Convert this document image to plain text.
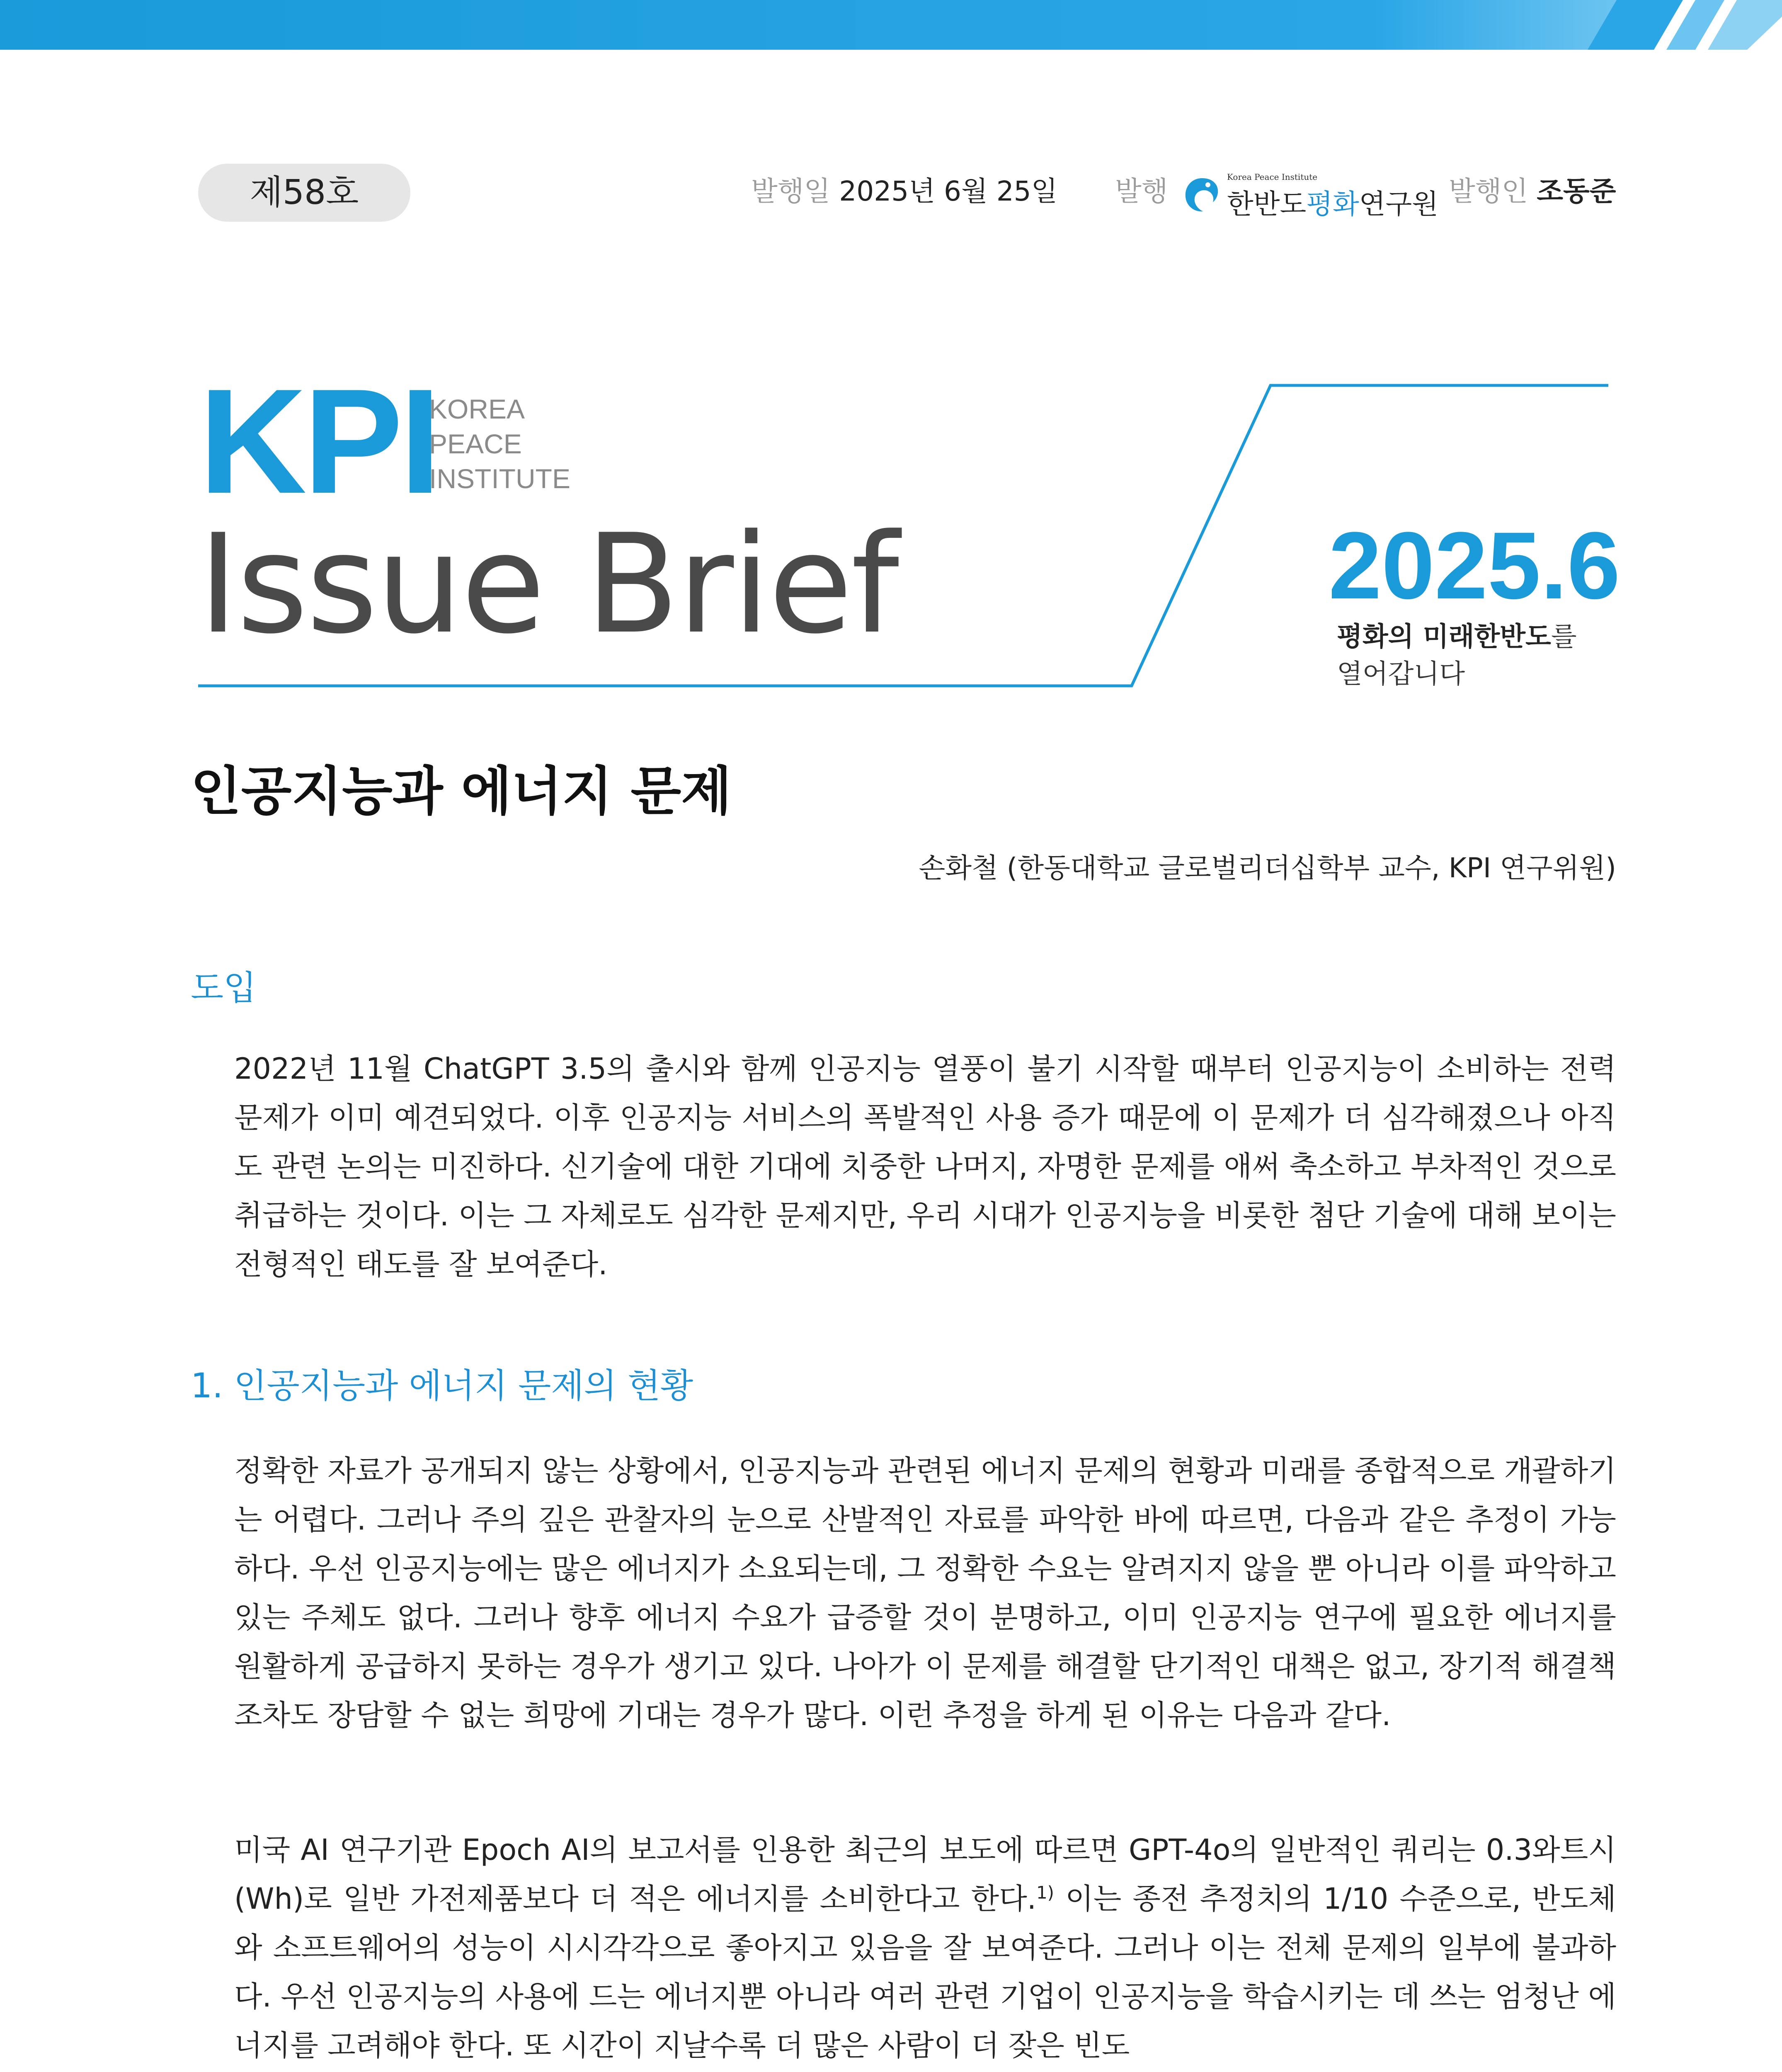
제58호	발행일 2025년 6월 25일 발행	Korea Peace Institute
한반도평화연구원 발행인 조동준
KPI
KOREA
PEACE
INSTITUTE
Issue Brief	2025.6
평화의 미래한반도를
열어갑니다
인공지능과 에너지 문제
손화철 (한동대학교 글로벌리더십학부 교수, KPI 연구위원)
도입

2022년 11월 ChatGPT 3.5의 출시와 함께 인공지능 열풍이 불기 시작할 때부터 인공지능이 소비하는 전력 문제가 이미 예견되었다. 이후 인공지능 서비스의 폭발적인 사용 증가 때문에 이 문제가 더 심각해졌으나 아직도 관련 논의는 미진하다. 신기술에 대한 기대에 치중한 나머지, 자명한 문제를 애써 축소하고 부차적인 것으로 취급하는 것이다. 이는 그 자체로도 심각한 문제지만, 우리 시대가 인공지능을 비롯한 첨단 기술에 대해 보이는 전형적인 태도를 잘 보여준다.

1. 인공지능과 에너지 문제의 현황

정확한 자료가 공개되지 않는 상황에서, 인공지능과 관련된 에너지 문제의 현황과 미래를 종합적으로 개괄하기는 어렵다. 그러나 주의 깊은 관찰자의 눈으로 산발적인 자료를 파악한 바에 따르면, 다음과 같은 추정이 가능하다. 우선 인공지능에는 많은 에너지가 소요되는데, 그 정확한 수요는 알려지지 않을 뿐 아니라 이를 파악하고 있는 주체도 없다. 그러나 향후 에너지 수요가 급증할 것이 분명하고, 이미 인공지능 연구에 필요한 에너지를 원활하게 공급하지 못하는 경우가 생기고 있다. 나아가 이 문제를 해결할 단기적인 대책은 없고, 장기적 해결책조차도 장담할 수 없는 희망에 기대는 경우가 많다. 이런 추정을 하게 된 이유는 다음과 같다.

미국 AI 연구기관 Epoch AI의 보고서를 인용한 최근의 보도에 따르면 GPT-4o의 일반적인 쿼리는 0.3와트시(Wh)로 일반 가전제품보다 더 적은 에너지를 소비한다고 한다.$^{1)}$ 이는 종전 추정치의 1/10 수준으로, 반도체와 소프트웨어의 성능이 시시각각으로 좋아지고 있음을 잘 보여준다. 그러나 이는 전체 문제의 일부에 불과하다. 우선 인공지능의 사용에 드는 에너지뿐 아니라 여러 관련 기업이 인공지능을 학습시키는 데 쓰는 엄청난 에너지를 고려해야 한다. 또 시간이 지날수록 더 많은 사람이 더 잦은 빈도
